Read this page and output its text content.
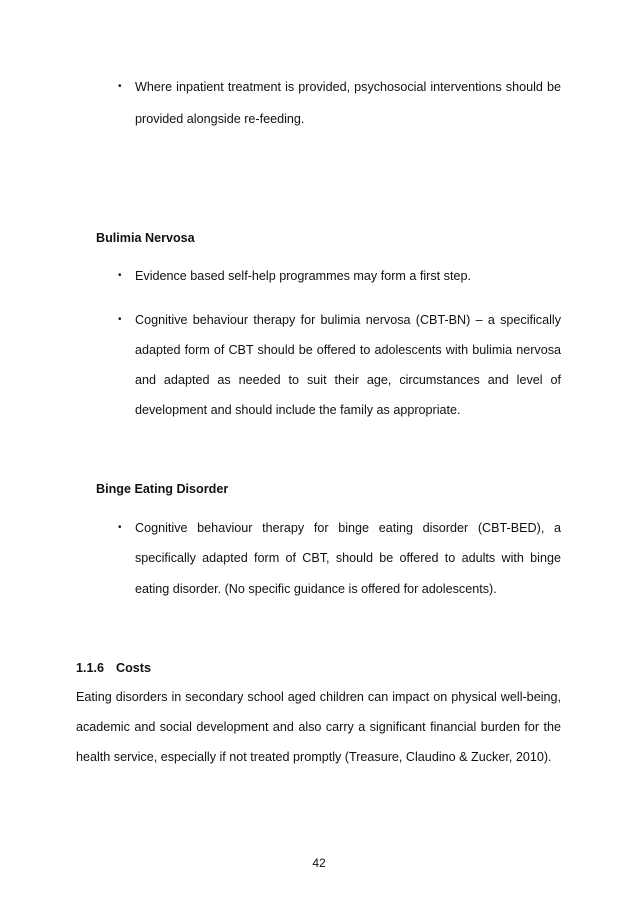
• Where inpatient treatment is provided, psychosocial interventions should be
provided alongside re-feeding.
Bulimia Nervosa
• Evidence based self-help programmes may form a first step.
• Cognitive behaviour therapy for bulimia nervosa (CBT-BN) – a specifically
adapted form of CBT should be offered to adolescents with bulimia nervosa
and adapted as needed to suit their age, circumstances and level of
development and should include the family as appropriate.
Binge Eating Disorder
• Cognitive behaviour therapy for binge eating disorder (CBT-BED), a
specifically adapted form of CBT, should be offered to adults with binge
eating disorder. (No specific guidance is offered for adolescents).
1.1.6 Costs
Eating disorders in secondary school aged children can impact on physical well-being,
academic and social development and also carry a significant financial burden for the
health service, especially if not treated promptly (Treasure, Claudino & Zucker, 2010).
42
